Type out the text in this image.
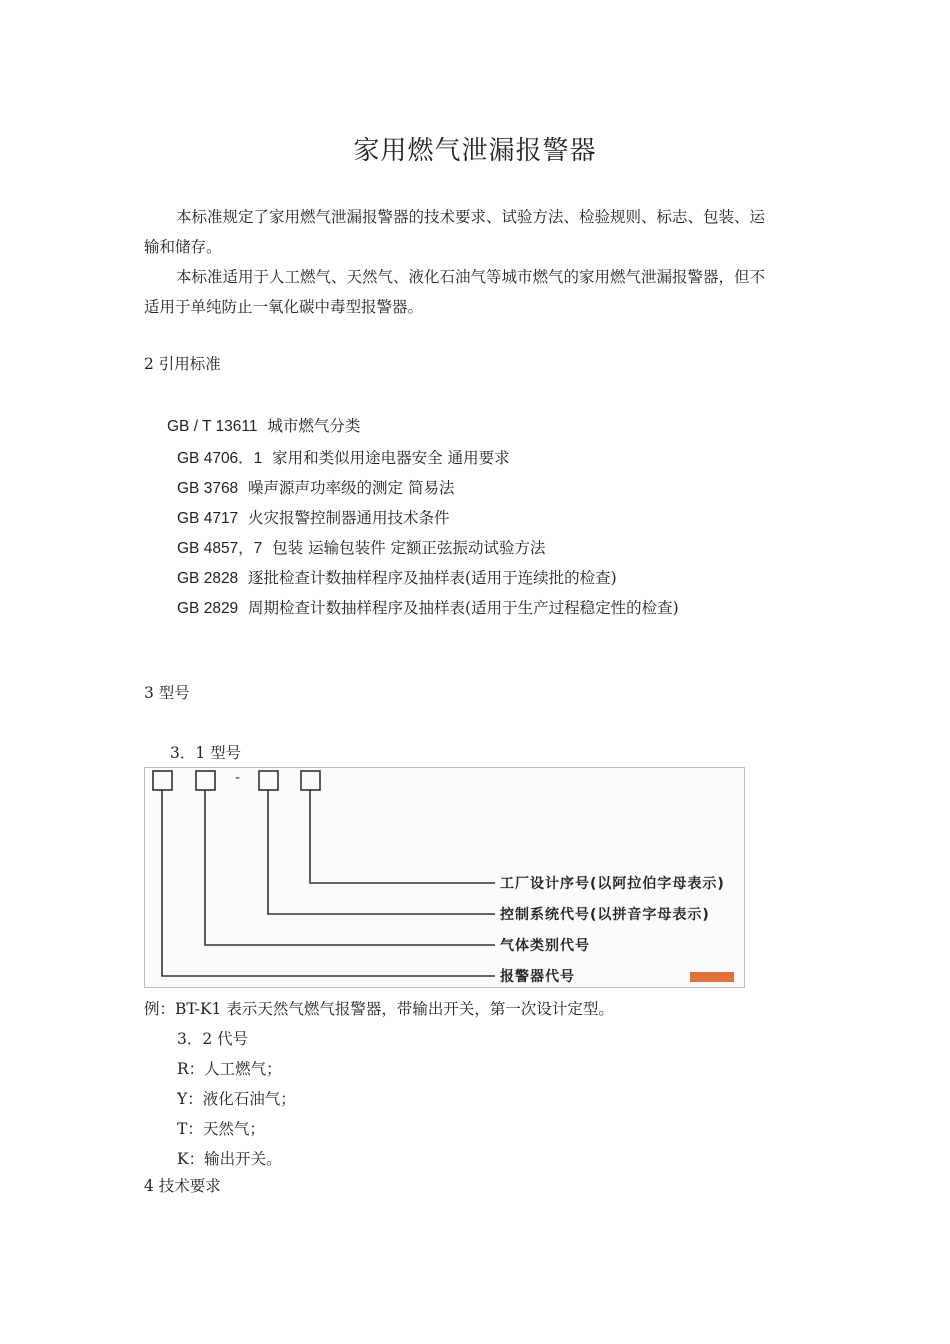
家用燃气泄漏报警器
本标准规定了家用燃气泄漏报警器的技术要求、试验方法、检验规则、标志、包装、运
输和储存。
本标准适用于人工燃气、天然气、液化石油气等城市燃气的家用燃气泄漏报警器，但不
适用于单纯防止一氧化碳中毒型报警器。
2 引用标准
GB / T 13611 城市燃气分类
GB 4706．1 家用和类似用途电器安全 通用要求
GB 3768 噪声源声功率级的测定 简易法
GB 4717 火灾报警控制器通用技术条件
GB 4857，7 包装 运输包装件 定额正弦振动试验方法
GB 2828 逐批检查计数抽样程序及抽样表(适用于连续批的检查)
GB 2829 周期检查计数抽样程序及抽样表(适用于生产过程稳定性的检查)
3 型号
3．1 型号
-
工厂设计序号(以阿拉伯字母表示)
控制系统代号(以拼音字母表示)
气体类别代号
报警器代号
例：BT-K1 表示天然气燃气报警器，带输出开关，第一次设计定型。
3．2 代号
R：人工燃气；
Y：液化石油气；
T：天然气；
K：输出开关。
4 技术要求
